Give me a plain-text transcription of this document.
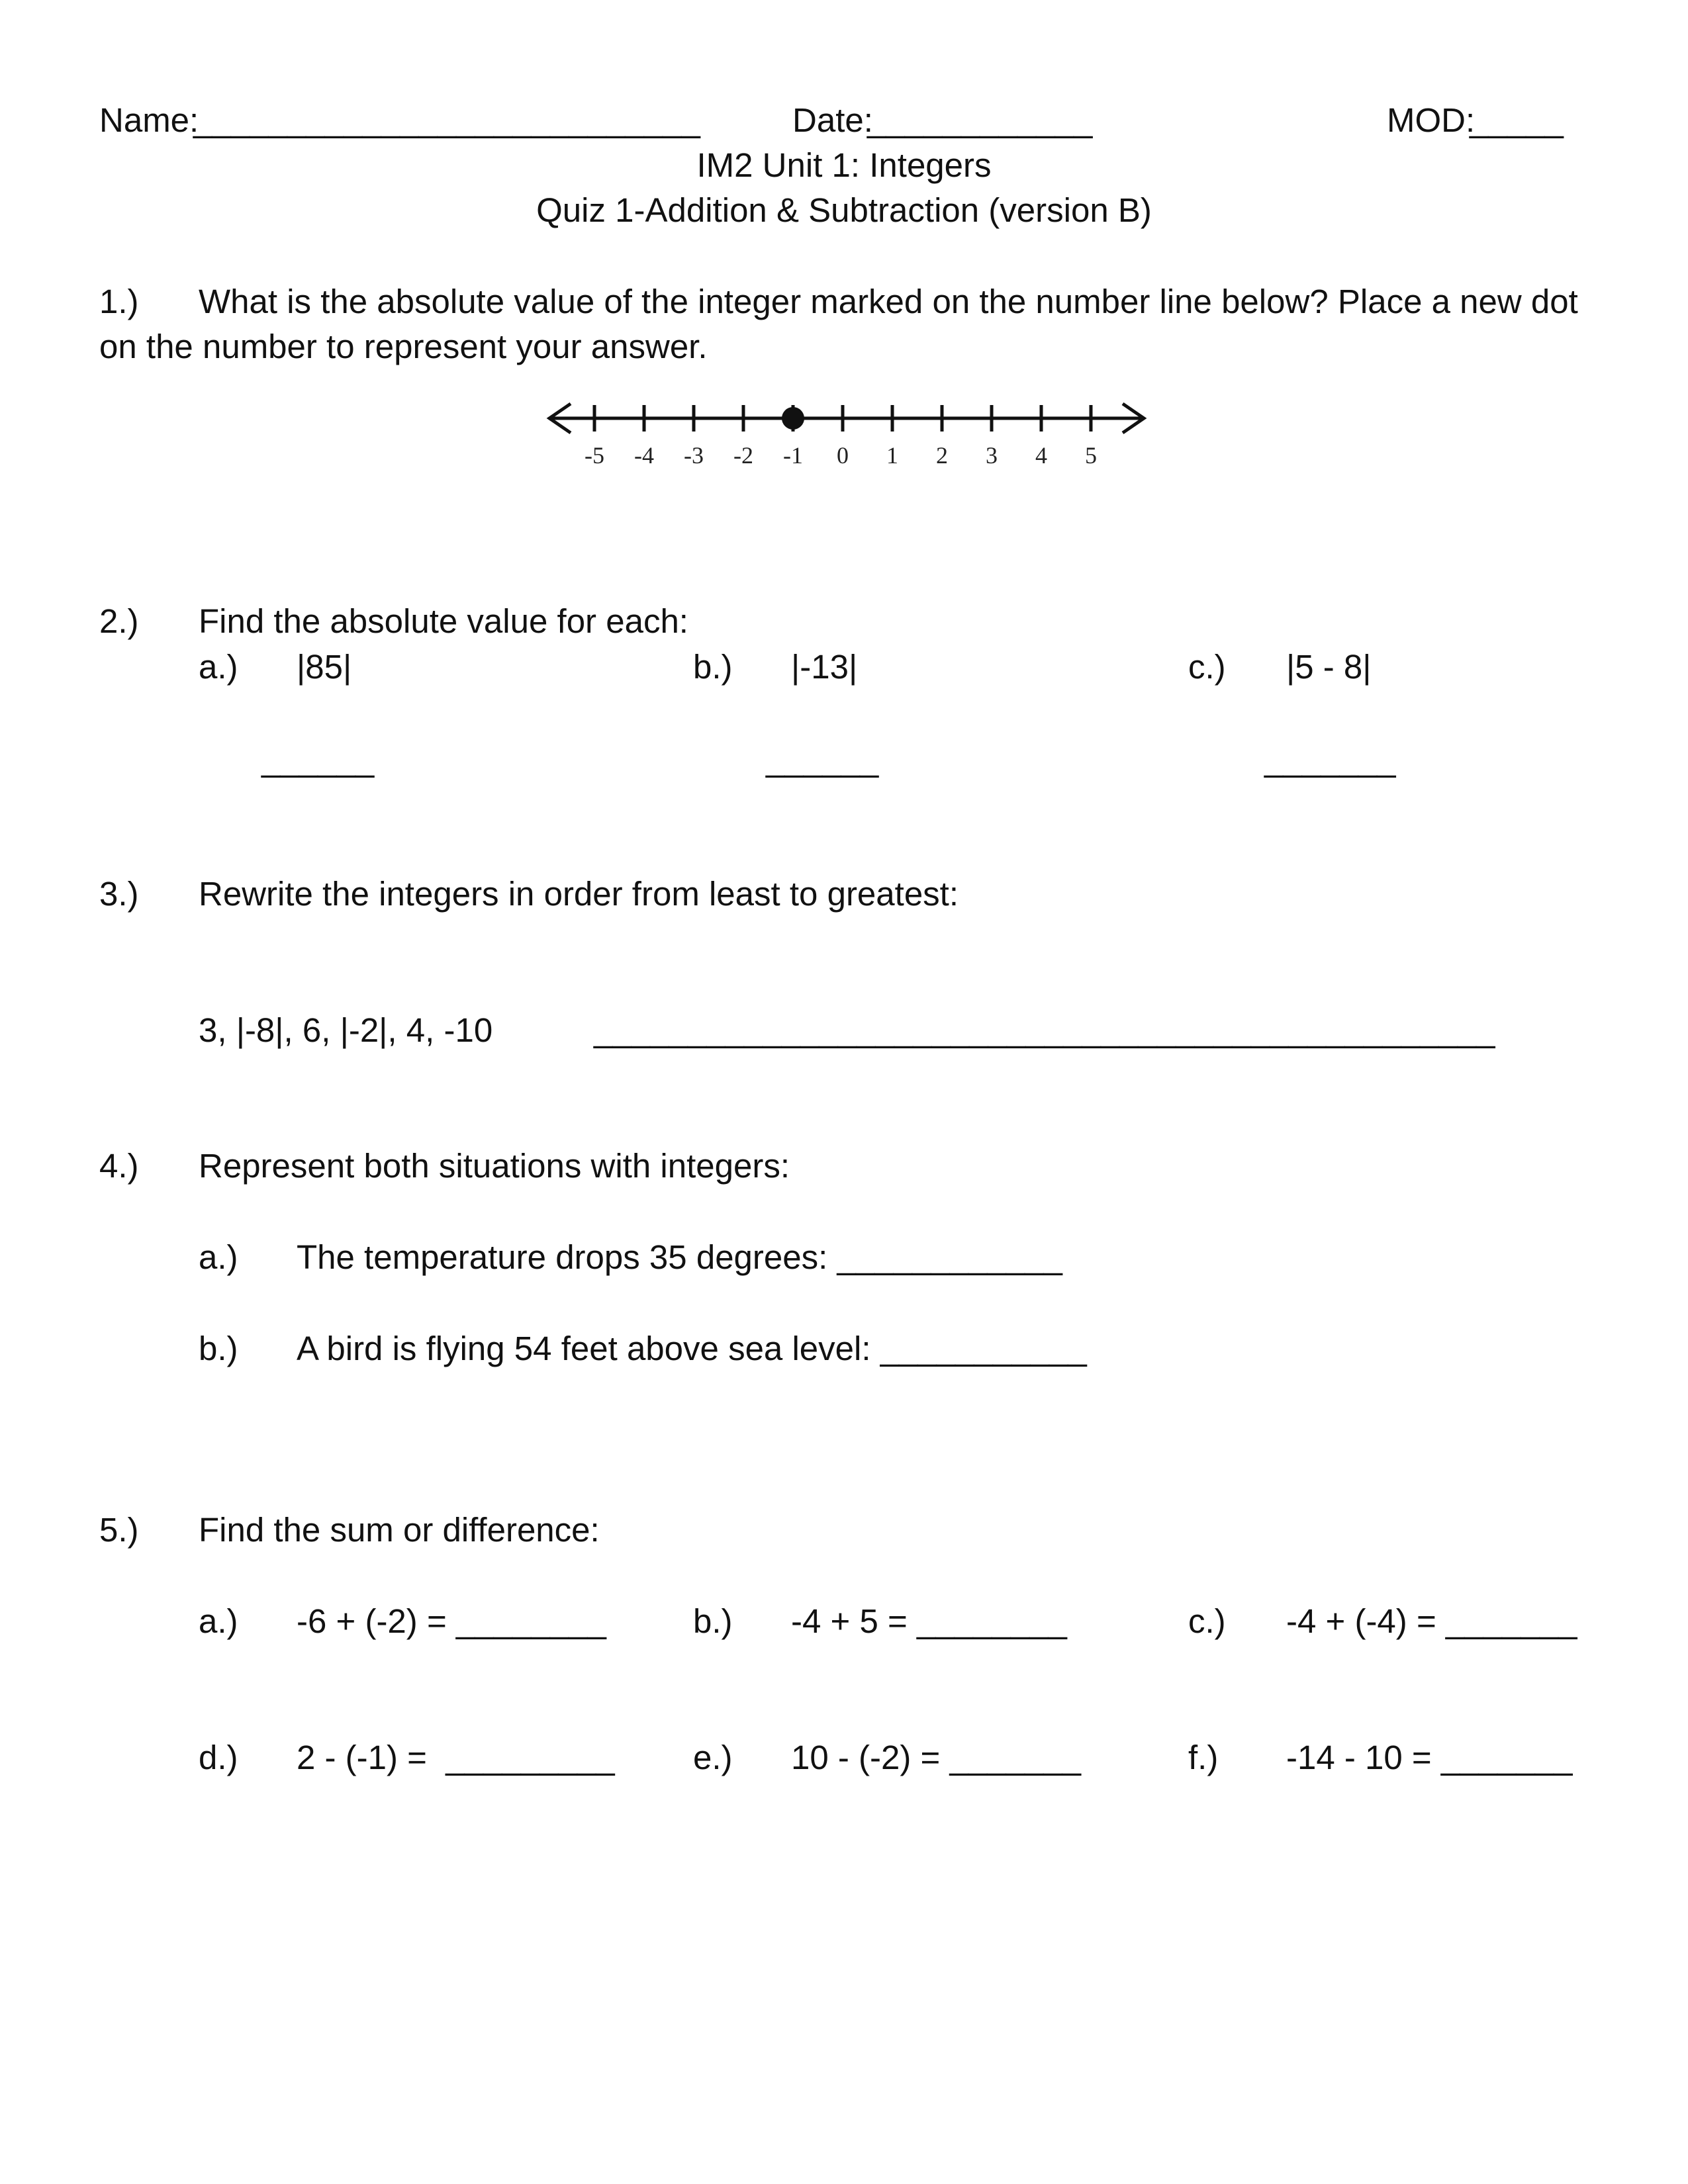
Name:
___________________________	Date:
____________	MOD:
_____
IM2 Unit 1: Integers
Quiz 1-Addition & Subtraction (version B)
1.) What is the absolute value of the integer marked on the number line below? Place a new dot
on the number to represent your answer.
-5 -4 -3 -2 -1 0 1 2 3 4 5
2.) Find the absolute value for each:
a.) |85|	b.) |-13|	c.) |5 - 8|
______	______	_______
3.) Rewrite the integers in order from least to greatest:
3, |-8|, 6, |-2|, 4, -10	________________________________________________
4.) Represent both situations with integers:
a.) The temperature drops 35 degrees: ____________
b.) A bird is flying 54 feet above sea level: ___________
5.) Find the sum or difference:
a.) -6 + (-2) = ________	b.) -4 + 5 = ________	c.) -4 + (-4) = _______
d.) 2 - (-1) =  _________ e.) 10 - (-2) = _______	f.) -14 - 10 = _______
